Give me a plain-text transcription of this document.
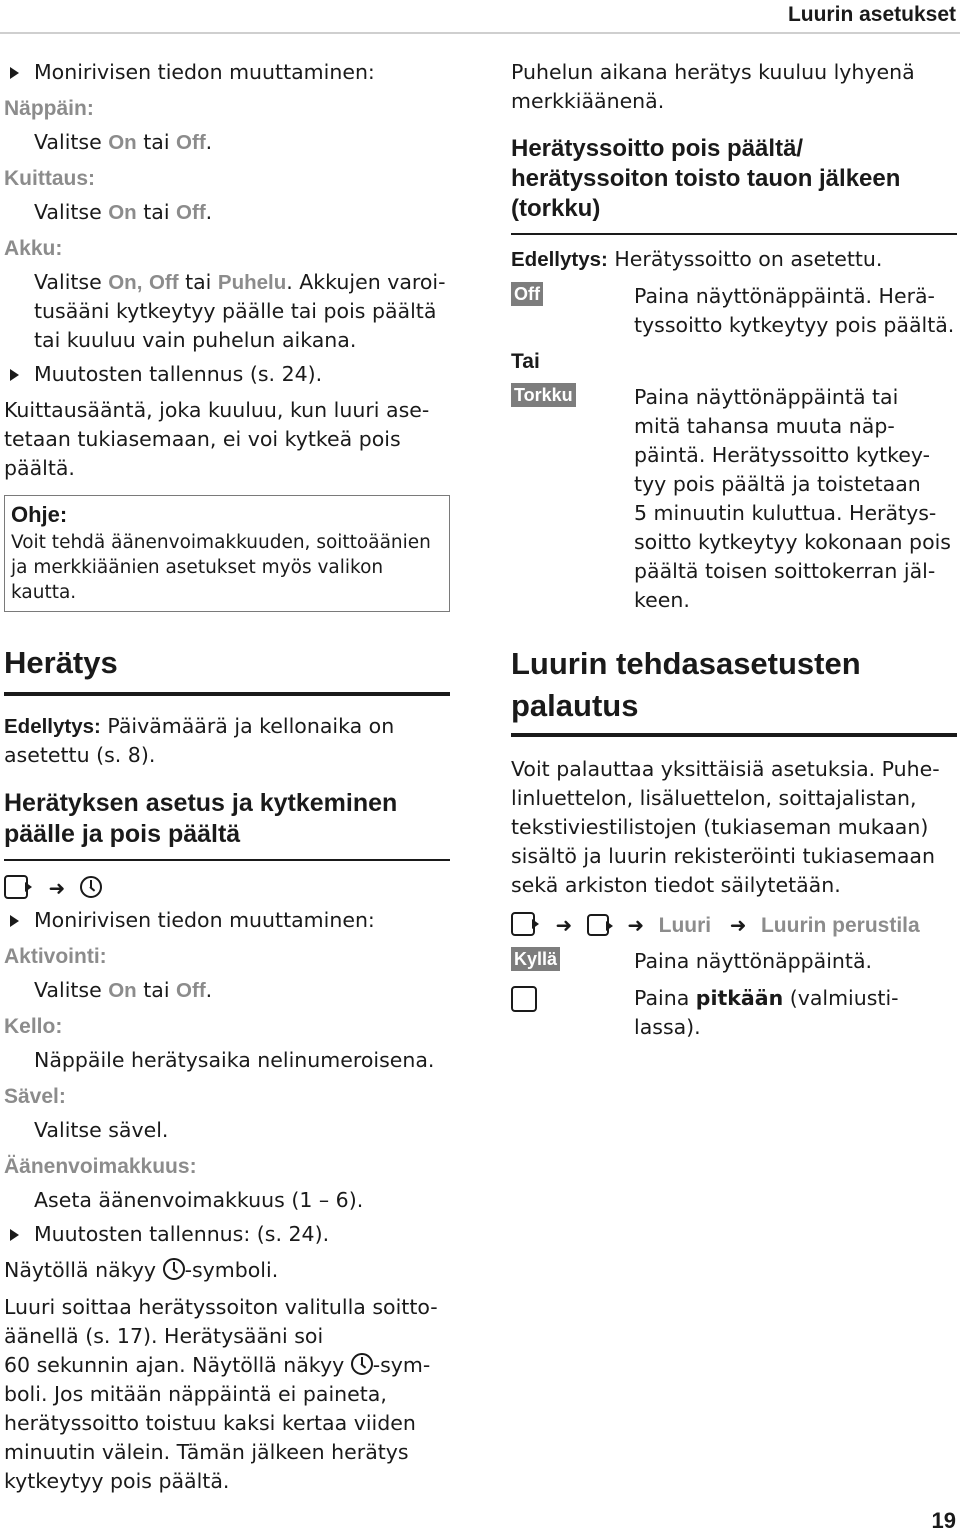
Luurin asetukset
Monirivisen tiedon muuttaminen:
Näppäin:
Valitse On tai Off.
Kuittaus:
Valitse On tai Off.
Akku:
Valitse On, Off tai Puhelu. Akkujen varoi-
tusääni kytkeytyy päälle tai pois päältä
tai kuuluu vain puhelun aikana.
Muutosten tallennus (s. 24).
Kuittausääntä, joka kuuluu, kun luuri ase-
tetaan tukiasemaan, ei voi kytkeä pois
päältä.
Ohje:
Voit tehdä äänenvoimakkuuden, soittoäänien
ja merkkiäänien asetukset myös valikon
kautta.
Herätys
Edellytys: Päivämäärä ja kellonaika on
asetettu (s. 8).
Herätyksen asetus ja kytkeminen
päälle ja pois päältä
➜
Monirivisen tiedon muuttaminen:
Aktivointi:
Valitse On tai Off.
Kello:
Näppäile herätysaika nelinumeroisena.
Sävel:
Valitse sävel.
Äänenvoimakkuus:
Aseta äänenvoimakkuus (1 – 6).
Muutosten tallennus: (s. 24).
Näytöllä näkyy -symboli.
Luuri soittaa herätyssoiton valitulla soitto-
äänellä (s. 17). Herätysääni soi
60 sekunnin ajan. Näytöllä näkyy -sym-
boli. Jos mitään näppäintä ei paineta,
herätyssoitto toistuu kaksi kertaa viiden
minuutin välein. Tämän jälkeen herätys
kytkeytyy pois päältä.
Puhelun aikana herätys kuuluu lyhyenä
merkkiäänenä.
Herätyssoitto pois päältä/
herätyssoiton toisto tauon jälkeen
(torkku)
Edellytys: Herätyssoitto on asetettu.
Off	Paina näyttönäppäintä. Herä-
tyssoitto kytkeytyy pois päältä.
Tai
Torkku	Paina näyttönäppäintä tai
mitä tahansa muuta näp-
päintä. Herätyssoitto kytkey-
tyy pois päältä ja toistetaan
5 minuutin kuluttua. Herätys-
soitto kytkeytyy kokonaan pois
päältä toisen soittokerran jäl-
keen.
Luurin tehdasasetusten
palautus
Voit palauttaa yksittäisiä asetuksia. Puhe-
linluettelon, lisäluettelon, soittajalistan,
tekstiviestilistojen (tukiaseman mukaan)
sisältö ja luurin rekisteröinti tukiasemaan
sekä arkiston tiedot säilytetään.
➜	➜ Luuri ➜ Luurin perustila
Kyllä	Paina näyttönäppäintä.
Paina pitkään (valmiusti-
lassa).
19
